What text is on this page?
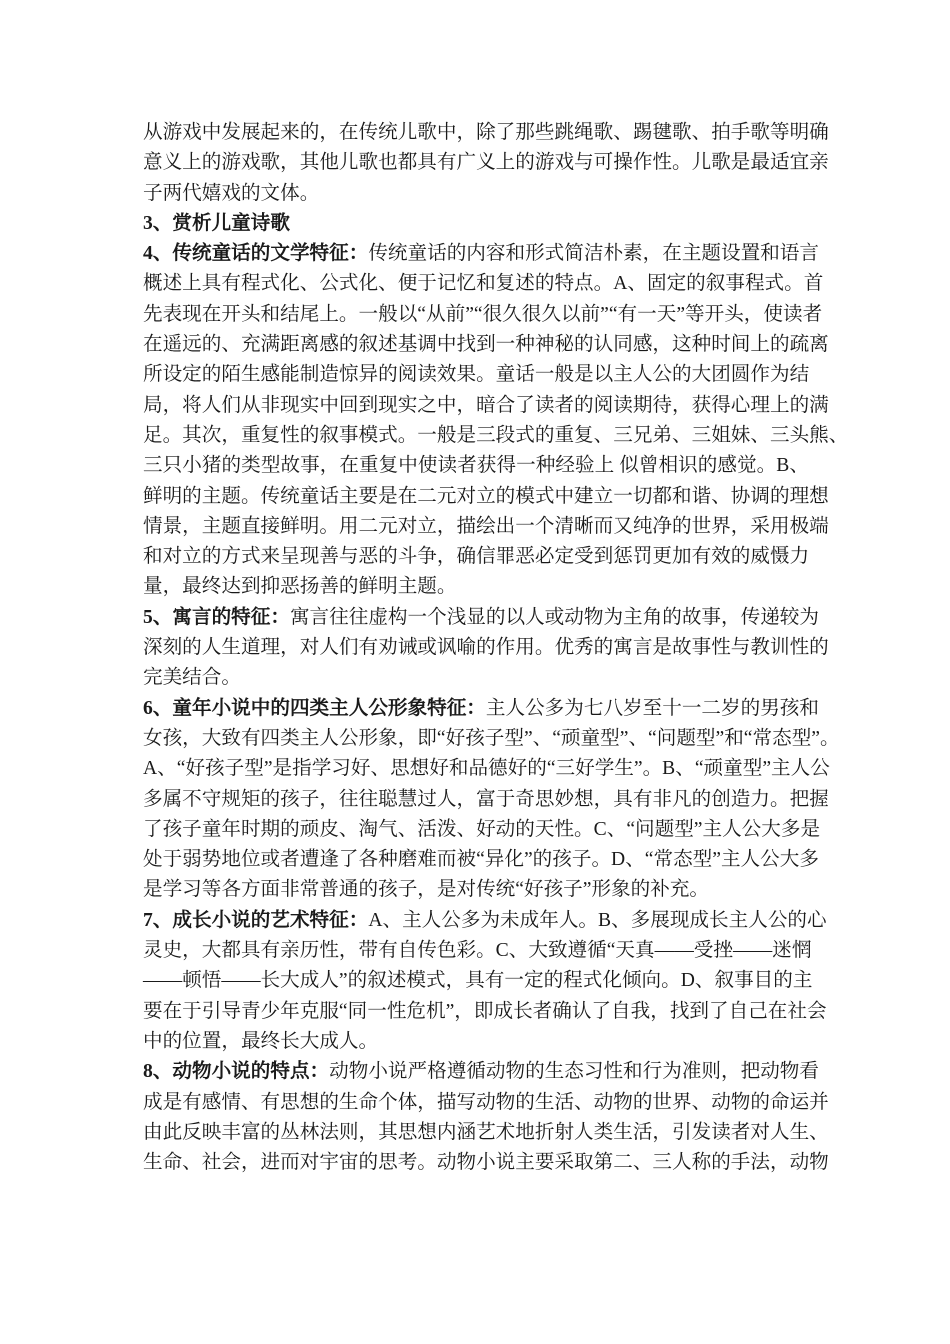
从游戏中发展起来的，在传统儿歌中，除了那些跳绳歌、踢毽歌、拍手歌等明确
意义上的游戏歌，其他儿歌也都具有广义上的游戏与可操作性。儿歌是最适宜亲
子两代嬉戏的文体。
3、赏析儿童诗歌
4、传统童话的文学特征：传统童话的内容和形式简洁朴素，在主题设置和语言
概述上具有程式化、公式化、便于记忆和复述的特点。A、固定的叙事程式。首
先表现在开头和结尾上。一般以“从前”“很久很久以前”“有一天”等开头，使读者
在遥远的、充满距离感的叙述基调中找到一种神秘的认同感，这种时间上的疏离
所设定的陌生感能制造惊异的阅读效果。童话一般是以主人公的大团圆作为结
局，将人们从非现实中回到现实之中，暗合了读者的阅读期待，获得心理上的满
足。其次，重复性的叙事模式。一般是三段式的重复、三兄弟、三姐妹、三头熊、
三只小猪的类型故事，在重复中使读者获得一种经验上 似曾相识的感觉。B、
鲜明的主题。传统童话主要是在二元对立的模式中建立一切都和谐、协调的理想
情景，主题直接鲜明。用二元对立，描绘出一个清晰而又纯净的世界，采用极端
和对立的方式来呈现善与恶的斗争，确信罪恶必定受到惩罚更加有效的威慑力
量，最终达到抑恶扬善的鲜明主题。
5、寓言的特征：寓言往往虚构一个浅显的以人或动物为主角的故事，传递较为
深刻的人生道理，对人们有劝诫或讽喻的作用。优秀的寓言是故事性与教训性的
完美结合。
6、童年小说中的四类主人公形象特征：主人公多为七八岁至十一二岁的男孩和
女孩，大致有四类主人公形象，即“好孩子型”、“顽童型”、“问题型”和“常态型”。
A、“好孩子型”是指学习好、思想好和品德好的“三好学生”。B、“顽童型”主人公
多属不守规矩的孩子，往往聪慧过人，富于奇思妙想，具有非凡的创造力。把握
了孩子童年时期的顽皮、淘气、活泼、好动的天性。C、“问题型”主人公大多是
处于弱势地位或者遭逢了各种磨难而被“异化”的孩子。D、“常态型”主人公大多
是学习等各方面非常普通的孩子，是对传统“好孩子”形象的补充。
7、成长小说的艺术特征：A、主人公多为未成年人。B、多展现成长主人公的心
灵史，大都具有亲历性，带有自传色彩。C、大致遵循“天真——受挫——迷惘
——顿悟——长大成人”的叙述模式，具有一定的程式化倾向。D、叙事目的主
要在于引导青少年克服“同一性危机”，即成长者确认了自我，找到了自己在社会
中的位置，最终长大成人。
8、动物小说的特点：动物小说严格遵循动物的生态习性和行为准则，把动物看
成是有感情、有思想的生命个体，描写动物的生活、动物的世界、动物的命运并
由此反映丰富的丛林法则，其思想内涵艺术地折射人类生活，引发读者对人生、
生命、社会，进而对宇宙的思考。动物小说主要采取第二、三人称的手法，动物
